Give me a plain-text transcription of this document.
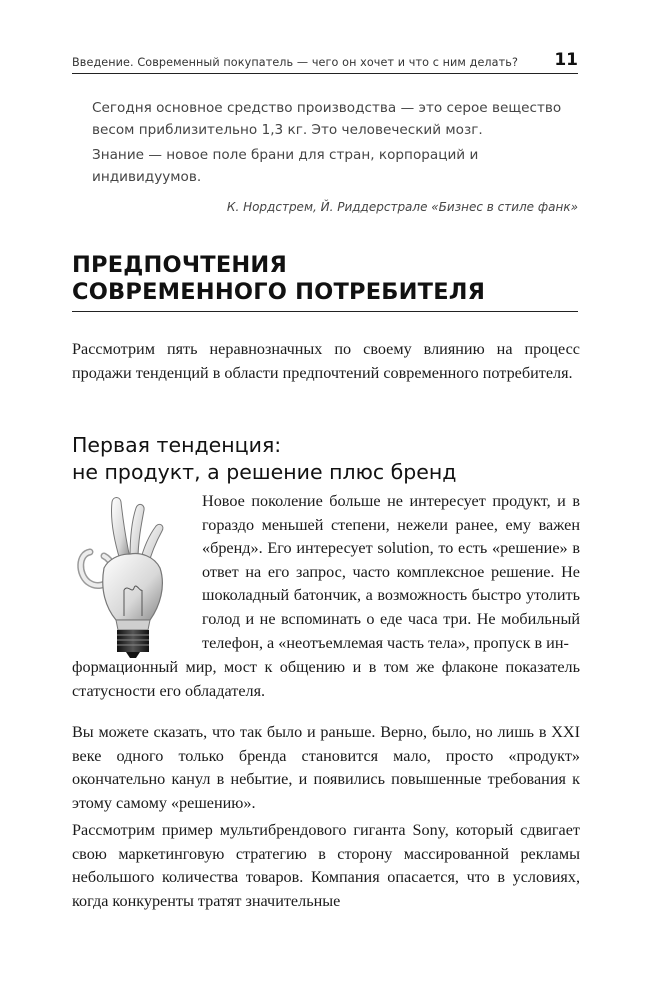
Введение. Современный покупатель — чего он хочет и что с ним делать? 11

Сегодня основное средство производства — это серое вещество весом приблизительно 1,3 кг. Это человеческий мозг.

Знание — новое поле брани для стран, корпораций и индивидуумов.

К. Нордстрем, Й. Риддерстрале «Бизнес в стиле фанк»
ПРЕДПОЧТЕНИЯ
СОВРЕМЕННОГО ПОТРЕБИТЕЛЯ

Рассмотрим пять неравнозначных по своему влиянию на процесс продажи тенденций в области предпочтений современного потребителя.

Первая тенденция:
не продукт, а решение плюс бренд

Новое поколение больше не интересует продукт, и в гораздо меньшей степени, нежели ранее, ему важен «бренд». Его интересует solution, то есть «решение» в ответ на его запрос, часто комплексное решение. Не шоколадный батончик, а возможность быстро утолить голод и не вспоминать о еде часа три. Не мобильный телефон, а «неотъемлемая часть тела», пропуск в ин-

формационный мир, мост к общению и в том же флаконе показатель статусности его обладателя.

Вы можете сказать, что так было и раньше. Верно, было, но лишь в XXI веке одного только бренда становится мало, просто «продукт» окончательно канул в небытие, и появились повышенные требования к этому самому «решению».

Рассмотрим пример мультибрендового гиганта Sony, который сдвигает свою маркетинговую стратегию в сторону массированной рекламы небольшого количества товаров. Компания опасается, что в условиях, когда конкуренты тратят значительные
